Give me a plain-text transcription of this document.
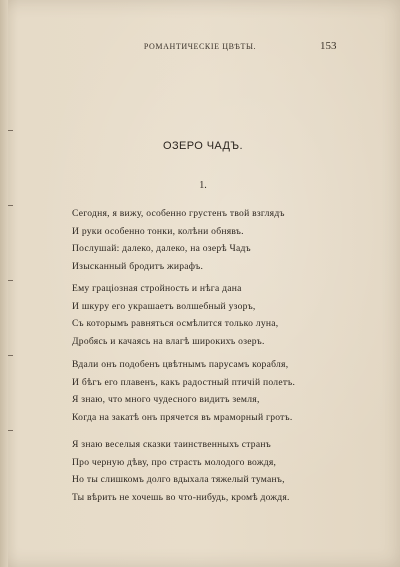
РОМАНТИЧЕСКІЕ ЦВѢТЫ.	153
ОЗЕРО ЧАДЪ.
1.
Сегодня, я вижу, особенно грустенъ твой взглядъ
И руки особенно тонки, колѣни обнявъ.
Послушай: далеко, далеко, на озерѣ Чадъ
Изысканный бродитъ жирафъ.
Ему грацiозная стройность и нѣга дана
И шкуру его украшаетъ волшебный узоръ,
Съ которымъ равняться осмѣлится только луна,
Дробясь и качаясь на влагѣ широкихъ озеръ.
Вдали онъ подобенъ цвѣтнымъ парусамъ корабля,
И бѣгъ его плавенъ, какъ радостный птичiй полетъ.
Я знаю, что много чудесного видитъ земля,
Когда на закатѣ онъ прячется въ мраморный гротъ.
Я знаю веселыя сказки таинственныхъ странъ
Про черную дѣву, про страсть молодого вождя,
Но ты слишкомъ долго вдыхала тяжелый туманъ,
Ты вѣрить не хочешь во что-нибудь, кромѣ дождя.
